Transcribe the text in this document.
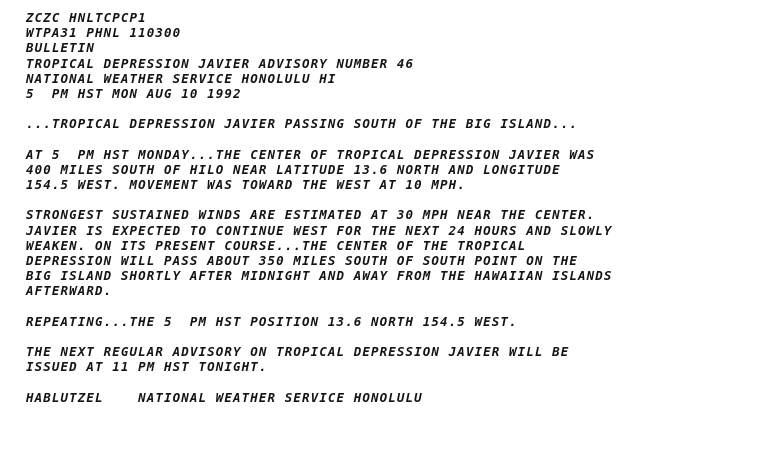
ZCZC HNLTCPCP1
WTPA31 PHNL 110300
BULLETIN
TROPICAL DEPRESSION JAVIER ADVISORY NUMBER 46
NATIONAL WEATHER SERVICE HONOLULU HI
5  PM HST MON AUG 10 1992
...TROPICAL DEPRESSION JAVIER PASSING SOUTH OF THE BIG ISLAND...
AT 5  PM HST MONDAY...THE CENTER OF TROPICAL DEPRESSION JAVIER WAS
400 MILES SOUTH OF HILO NEAR LATITUDE 13.6 NORTH AND LONGITUDE
154.5 WEST. MOVEMENT WAS TOWARD THE WEST AT 10 MPH.
STRONGEST SUSTAINED WINDS ARE ESTIMATED AT 30 MPH NEAR THE CENTER.
JAVIER IS EXPECTED TO CONTINUE WEST FOR THE NEXT 24 HOURS AND SLOWLY
WEAKEN. ON ITS PRESENT COURSE...THE CENTER OF THE TROPICAL
DEPRESSION WILL PASS ABOUT 350 MILES SOUTH OF SOUTH POINT ON THE
BIG ISLAND SHORTLY AFTER MIDNIGHT AND AWAY FROM THE HAWAIIAN ISLANDS
AFTERWARD.
REPEATING...THE 5  PM HST POSITION 13.6 NORTH 154.5 WEST.
THE NEXT REGULAR ADVISORY ON TROPICAL DEPRESSION JAVIER WILL BE
ISSUED AT 11 PM HST TONIGHT.
HABLUTZEL    NATIONAL WEATHER SERVICE HONOLULU
